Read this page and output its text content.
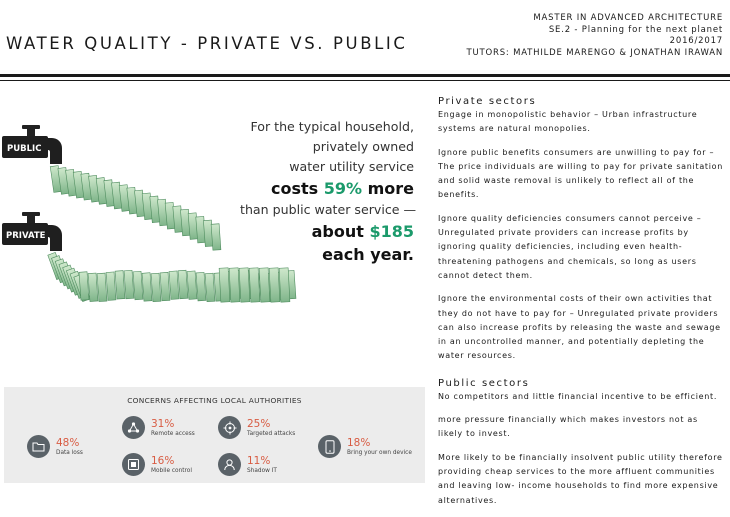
WATER QUALITY - PRIVATE VS. PUBLIC
MASTER IN ADVANCED ARCHITECTURE
SE.2 - Planning for the next planet
2016/2017
TUTORS: MATHILDE MARENGO & JONATHAN IRAWAN
PUBLIC
PRIVATE
For the typical household,
privately owned
water utility service
costs 59% more
than public water service —
about $185
each year.
CONCERNS AFFECTING LOCAL AUTHORITIES
48%
Data loss
31%
Remote access
25%
Targeted attacks
16%
Mobile control
11%
Shadow IT
18%
Bring your own device
Private sectors

Engage in monopolistic behavior – Urban infrastructure systems are natural monopolies.

Ignore public benefits consumers are unwilling to pay for – The price individuals are willing to pay for private sanitation and solid waste removal is unlikely to reflect all of the benefits.

Ignore quality deficiencies consumers cannot perceive – Unregulated private providers can increase profits by ignoring quality deficiencies, including even health-threatening pathogens and chemicals, so long as users cannot detect them.

Ignore the environmental costs of their own activities that they do not have to pay for – Unregulated private providers can also increase profits by releasing the waste and sewage in an uncontrolled manner, and potentially depleting the water resources.

Public sectors

No competitors and little financial incentive to be efficient.

more pressure financially which makes investors not as likely to invest.

More likely to be financially insolvent public utility therefore providing cheap services to the more affluent communities and leaving low- income households to find more expensive alternatives.
